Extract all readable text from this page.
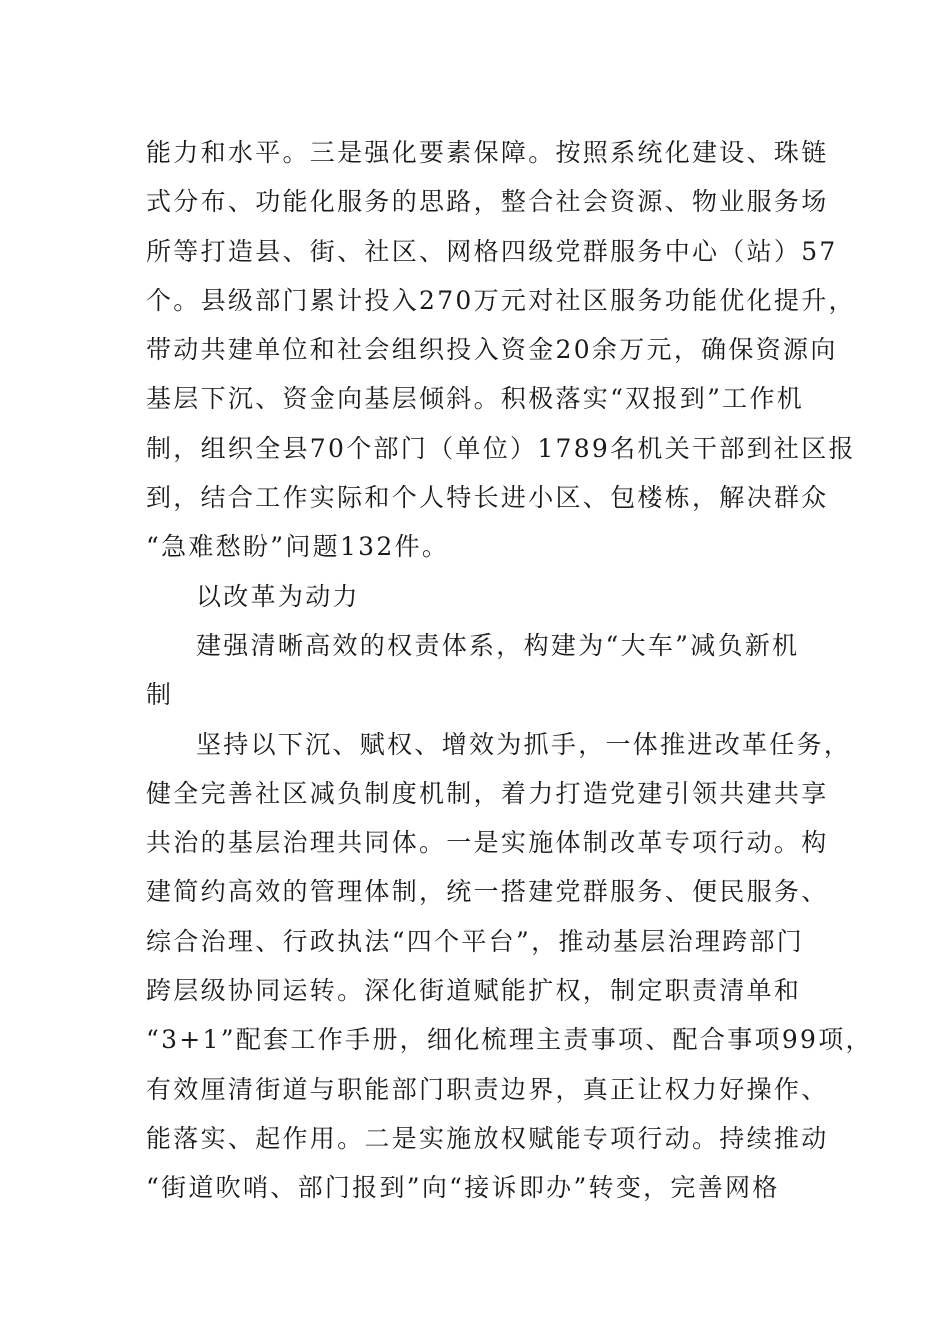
能力和水平。三是强化要素保障。按照系统化建设、珠链
式分布、功能化服务的思路，整合社会资源、物业服务场
所等打造县、街、社区、网格四级党群服务中心（站）57
个。县级部门累计投入270万元对社区服务功能优化提升，
带动共建单位和社会组织投入资金20余万元，确保资源向
基层下沉、资金向基层倾斜。积极落实“双报到”工作机
制，组织全县70个部门（单位）1789名机关干部到社区报
到，结合工作实际和个人特长进小区、包楼栋，解决群众
“急难愁盼”问题132件。
以改革为动力
建强清晰高效的权责体系，构建为“大车”减负新机
制
坚持以下沉、赋权、增效为抓手，一体推进改革任务，
健全完善社区减负制度机制，着力打造党建引领共建共享
共治的基层治理共同体。一是实施体制改革专项行动。构
建简约高效的管理体制，统一搭建党群服务、便民服务、
综合治理、行政执法“四个平台”，推动基层治理跨部门
跨层级协同运转。深化街道赋能扩权，制定职责清单和
“3+1”配套工作手册，细化梳理主责事项、配合事项99项，
有效厘清街道与职能部门职责边界，真正让权力好操作、
能落实、起作用。二是实施放权赋能专项行动。持续推动
“街道吹哨、部门报到”向“接诉即办”转变，完善网格
